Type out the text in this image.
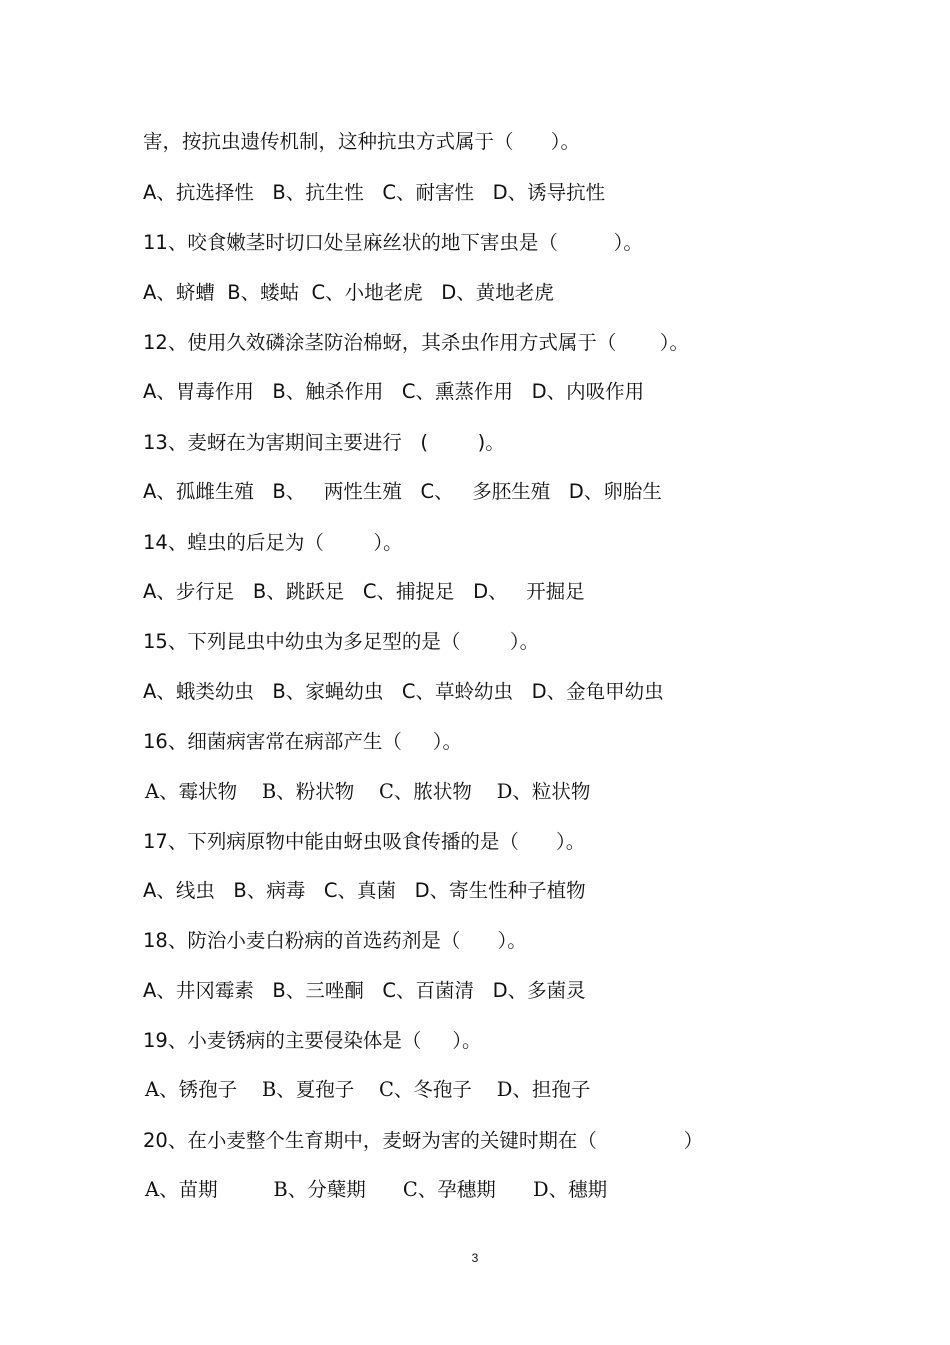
害，按抗虫遗传机制，这种抗虫方式属于（      ）。
A、抗选择性   B、抗生性   C、耐害性   D、诱导抗性
11、咬食嫩茎时切口处呈麻丝状的地下害虫是（         ）。
A、蛴螬  B、蝼蛄  C、小地老虎   D、黄地老虎
12、使用久效磷涂茎防治棉蚜，其杀虫作用方式属于（       ）。
A、胃毒作用   B、触杀作用   C、熏蒸作用   D、内吸作用
13、麦蚜在为害期间主要进行   (        )。
A、孤雌生殖   B、   两性生殖   C、   多胚生殖   D、卵胎生
14、蝗虫的后足为（        ）。
A、步行足   B、跳跃足   C、捕捉足   D、   开掘足
15、下列昆虫中幼虫为多足型的是（        ）。
A、蛾类幼虫   B、家蝇幼虫   C、草蛉幼虫   D、金龟甲幼虫
16、细菌病害常在病部产生（     ）。
A、霉状物    B、粉状物    C、脓状物    D、粒状物
17、下列病原物中能由蚜虫吸食传播的是（      ）。
A、线虫   B、病毒   C、真菌   D、寄生性种子植物
18、防治小麦白粉病的首选药剂是（      ）。
A、井冈霉素   B、三唑酮   C、百菌清   D、多菌灵
19、小麦锈病的主要侵染体是（     ）。
A、锈孢子    B、夏孢子    C、冬孢子    D、担孢子
20、在小麦整个生育期中，麦蚜为害的关键时期在（              ）
A、苗期         B、分蘖期      C、孕穗期      D、穗期
3
